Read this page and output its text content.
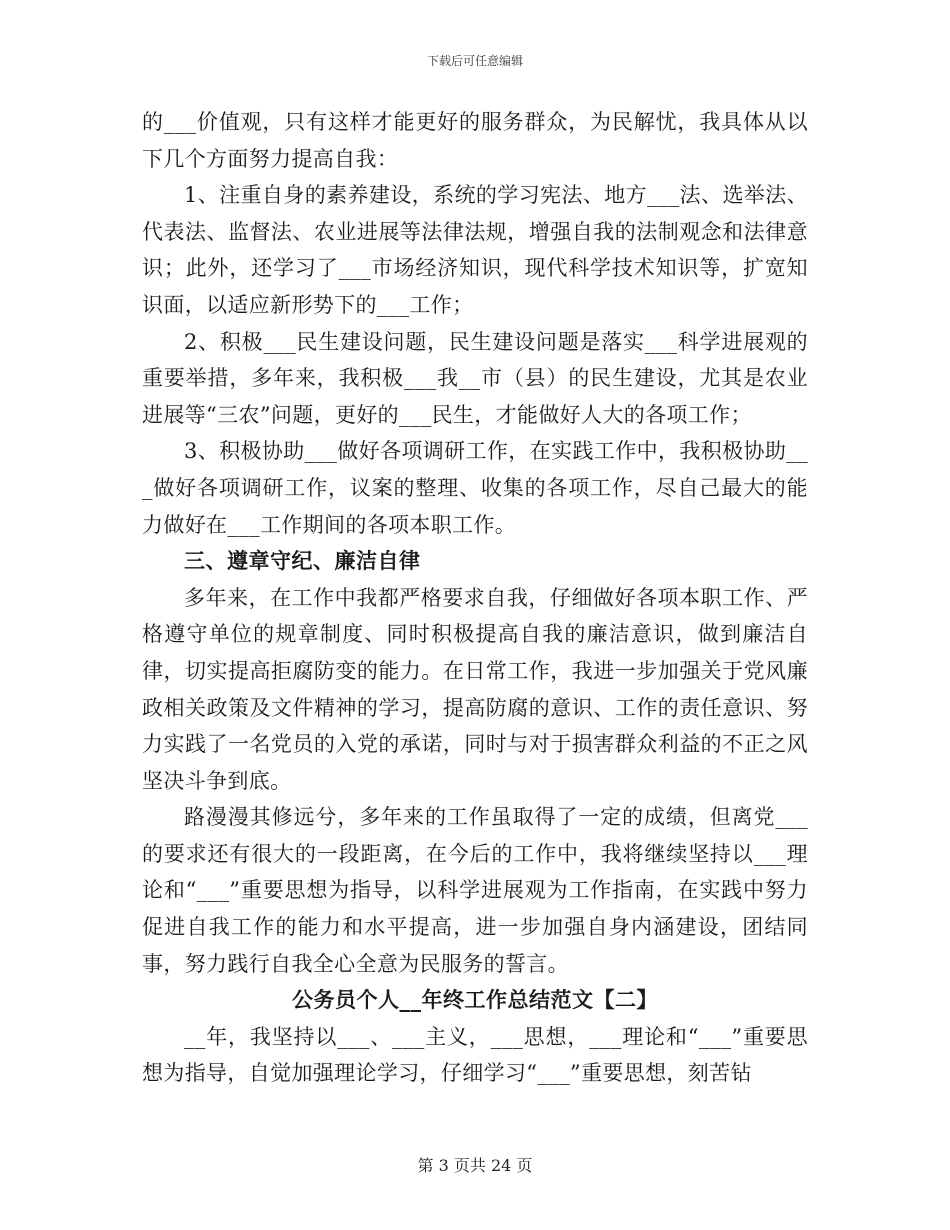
下载后可任意编辑

的___价值观，只有这样才能更好的服务群众，为民解忧，我具体从以下几个方面努力提高自我：

1、注重自身的素养建设，系统的学习宪法、地方___法、选举法、代表法、监督法、农业进展等法律法规，增强自我的法制观念和法律意识；此外，还学习了___市场经济知识，现代科学技术知识等，扩宽知识面，以适应新形势下的___工作；

2、积极___民生建设问题，民生建设问题是落实___科学进展观的重要举措，多年来，我积极___我__市（县）的民生建设，尤其是农业进展等“三农”问题，更好的___民生，才能做好人大的各项工作；

3、积极协助___做好各项调研工作，在实践工作中，我积极协助___做好各项调研工作，议案的整理、收集的各项工作，尽自己最大的能力做好在___工作期间的各项本职工作。

三、遵章守纪、廉洁自律

多年来，在工作中我都严格要求自我，仔细做好各项本职工作、严格遵守单位的规章制度、同时积极提高自我的廉洁意识，做到廉洁自律，切实提高拒腐防变的能力。在日常工作，我进一步加强关于党风廉政相关政策及文件精神的学习，提高防腐的意识、工作的责任意识、努力实践了一名党员的入党的承诺，同时与对于损害群众利益的不正之风坚决斗争到底。

路漫漫其修远兮，多年来的工作虽取得了一定的成绩，但离党___的要求还有很大的一段距离，在今后的工作中，我将继续坚持以___理论和“___”重要思想为指导，以科学进展观为工作指南，在实践中努力促进自我工作的能力和水平提高，进一步加强自身内涵建设，团结同事，努力践行自我全心全意为民服务的誓言。

公务员个人__年终工作总结范文【二】

__年，我坚持以___、___主义，___思想，___理论和“___”重要思想为指导，自觉加强理论学习，仔细学习“___”重要思想，刻苦钻

第 3 页共 24 页
